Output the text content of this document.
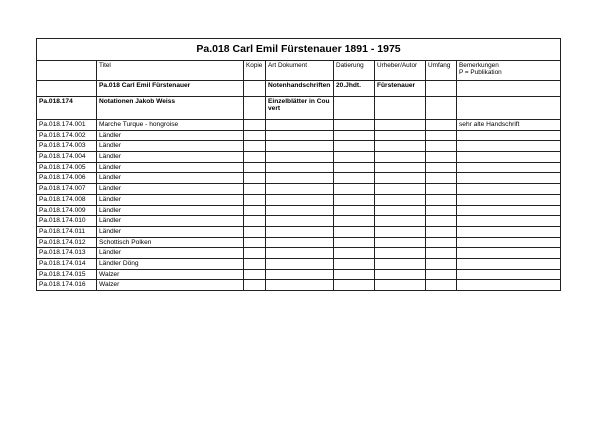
Pa.018 Carl Emil Fürstenauer 1891 - 1975							
	Titel	Kopie	Art Dokument	Datierung	Urheber/Autor	Umfang	Bemerkungen
P = Publikation

	Pa.018 Carl Emil Fürstenauer		Notenhandschriften	20.Jhdt.	Fürstenauer		
Pa.018.174	Notationen Jakob Weiss		Einzelblätter in Couvert				
Pa.018.174.001	Marche Turque - hongroise						sehr alte Handschrift
Pa.018.174.002	Ländler						
Pa.018.174.003	Ländler						
Pa.018.174.004	Ländler						
Pa.018.174.005	Ländler						
Pa.018.174.006	Ländler						
Pa.018.174.007	Ländler						
Pa.018.174.008	Ländler						
Pa.018.174.009	Ländler						
Pa.018.174.010	Ländler						
Pa.018.174.011	Ländler						
Pa.018.174.012	Schottisch Polken						
Pa.018.174.013	Ländler						
Pa.018.174.014	Ländler Döng						
Pa.018.174.015	Walzer						
Pa.018.174.016	Walzer						
